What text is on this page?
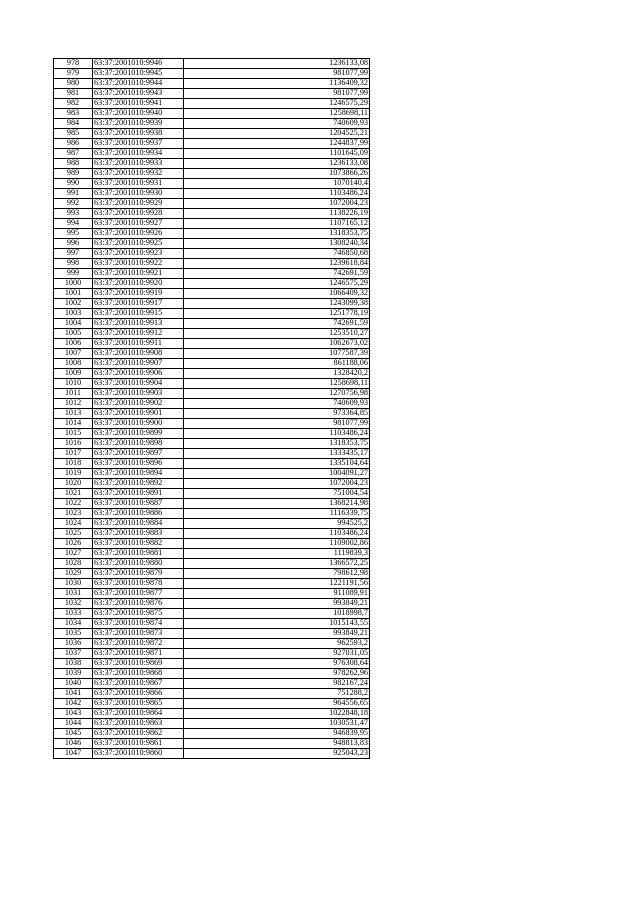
978	63:37:2001010:9946	1236133,08
979	63:37:2001010:9945	981077,99
980	63:37:2001010:9944	1136409,32
981	63:37:2001010:9943	981077,99
982	63:37:2001010:9941	1246575,29
983	63:37:2001010:9940	1258698,11
984	63:37:2001010:9939	740609,93
985	63:37:2001010:9938	1204525,21
986	63:37:2001010:9937	1244837,99
987	63:37:2001010:9934	1101645,09
988	63:37:2001010:9933	1236133,08
989	63:37:2001010:9932	1073866,26
990	63:37:2001010:9931	1070140,4
991	63:37:2001010:9930	1103486,24
992	63:37:2001010:9929	1072004,23
993	63:37:2001010:9928	1138226,19
994	63:37:2001010:9927	1107165,12
995	63:37:2001010:9926	1318353,75
996	63:37:2001010:9925	1308240,34
997	63:37:2001010:9923	746850,68
998	63:37:2001010:9922	1239618,84
999	63:37:2001010:9921	742691,59
1000	63:37:2001010:9920	1246575,29
1001	63:37:2001010:9919	1066409,32
1002	63:37:2001010:9917	1243099,38
1003	63:37:2001010:9915	1251778,19
1004	63:37:2001010:9913	742691,59
1005	63:37:2001010:9912	1253510,27
1006	63:37:2001010:9911	1062673,02
1007	63:37:2001010:9908	1077587,39
1008	63:37:2001010:9907	861188,06
1009	63:37:2001010:9906	1328420,2
1010	63:37:2001010:9904	1258698,11
1011	63:37:2001010:9903	1270756,98
1012	63:37:2001010:9902	740609,93
1013	63:37:2001010:9901	973364,85
1014	63:37:2001010:9900	981077,99
1015	63:37:2001010:9899	1103486,24
1016	63:37:2001010:9898	1318353,75
1017	63:37:2001010:9897	1333435,17
1018	63:37:2001010:9896	1335104,64
1019	63:37:2001010:9894	1004091,27
1020	63:37:2001010:9892	1072004,23
1021	63:37:2001010:9891	751004,54
1022	63:37:2001010:9887	1368214,98
1023	63:37:2001010:9886	1116339,75
1024	63:37:2001010:9884	994525,2
1025	63:37:2001010:9883	1103486,24
1026	63:37:2001010:9882	1109002,86
1027	63:37:2001010:9881	1119839,3
1028	63:37:2001010:9880	1366572,25
1029	63:37:2001010:9879	798612,98
1030	63:37:2001010:9878	1221191,56
1031	63:37:2001010:9877	911089,91
1032	63:37:2001010:9876	993849,21
1033	63:37:2001010:9875	1018998,7
1034	63:37:2001010:9874	1015143,55
1035	63:37:2001010:9873	993849,21
1036	63:37:2001010:9872	962593,2
1037	63:37:2001010:9871	927031,05
1038	63:37:2001010:9869	976308,64
1039	63:37:2001010:9868	978262,96
1040	63:37:2001010:9867	982167,24
1041	63:37:2001010:9866	751288,2
1042	63:37:2001010:9865	964556,65
1043	63:37:2001010:9864	1022848,18
1044	63:37:2001010:9863	1030531,47
1045	63:37:2001010:9862	946839,95
1046	63:37:2001010:9861	948813,83
1047	63:37:2001010:9860	925043,23
